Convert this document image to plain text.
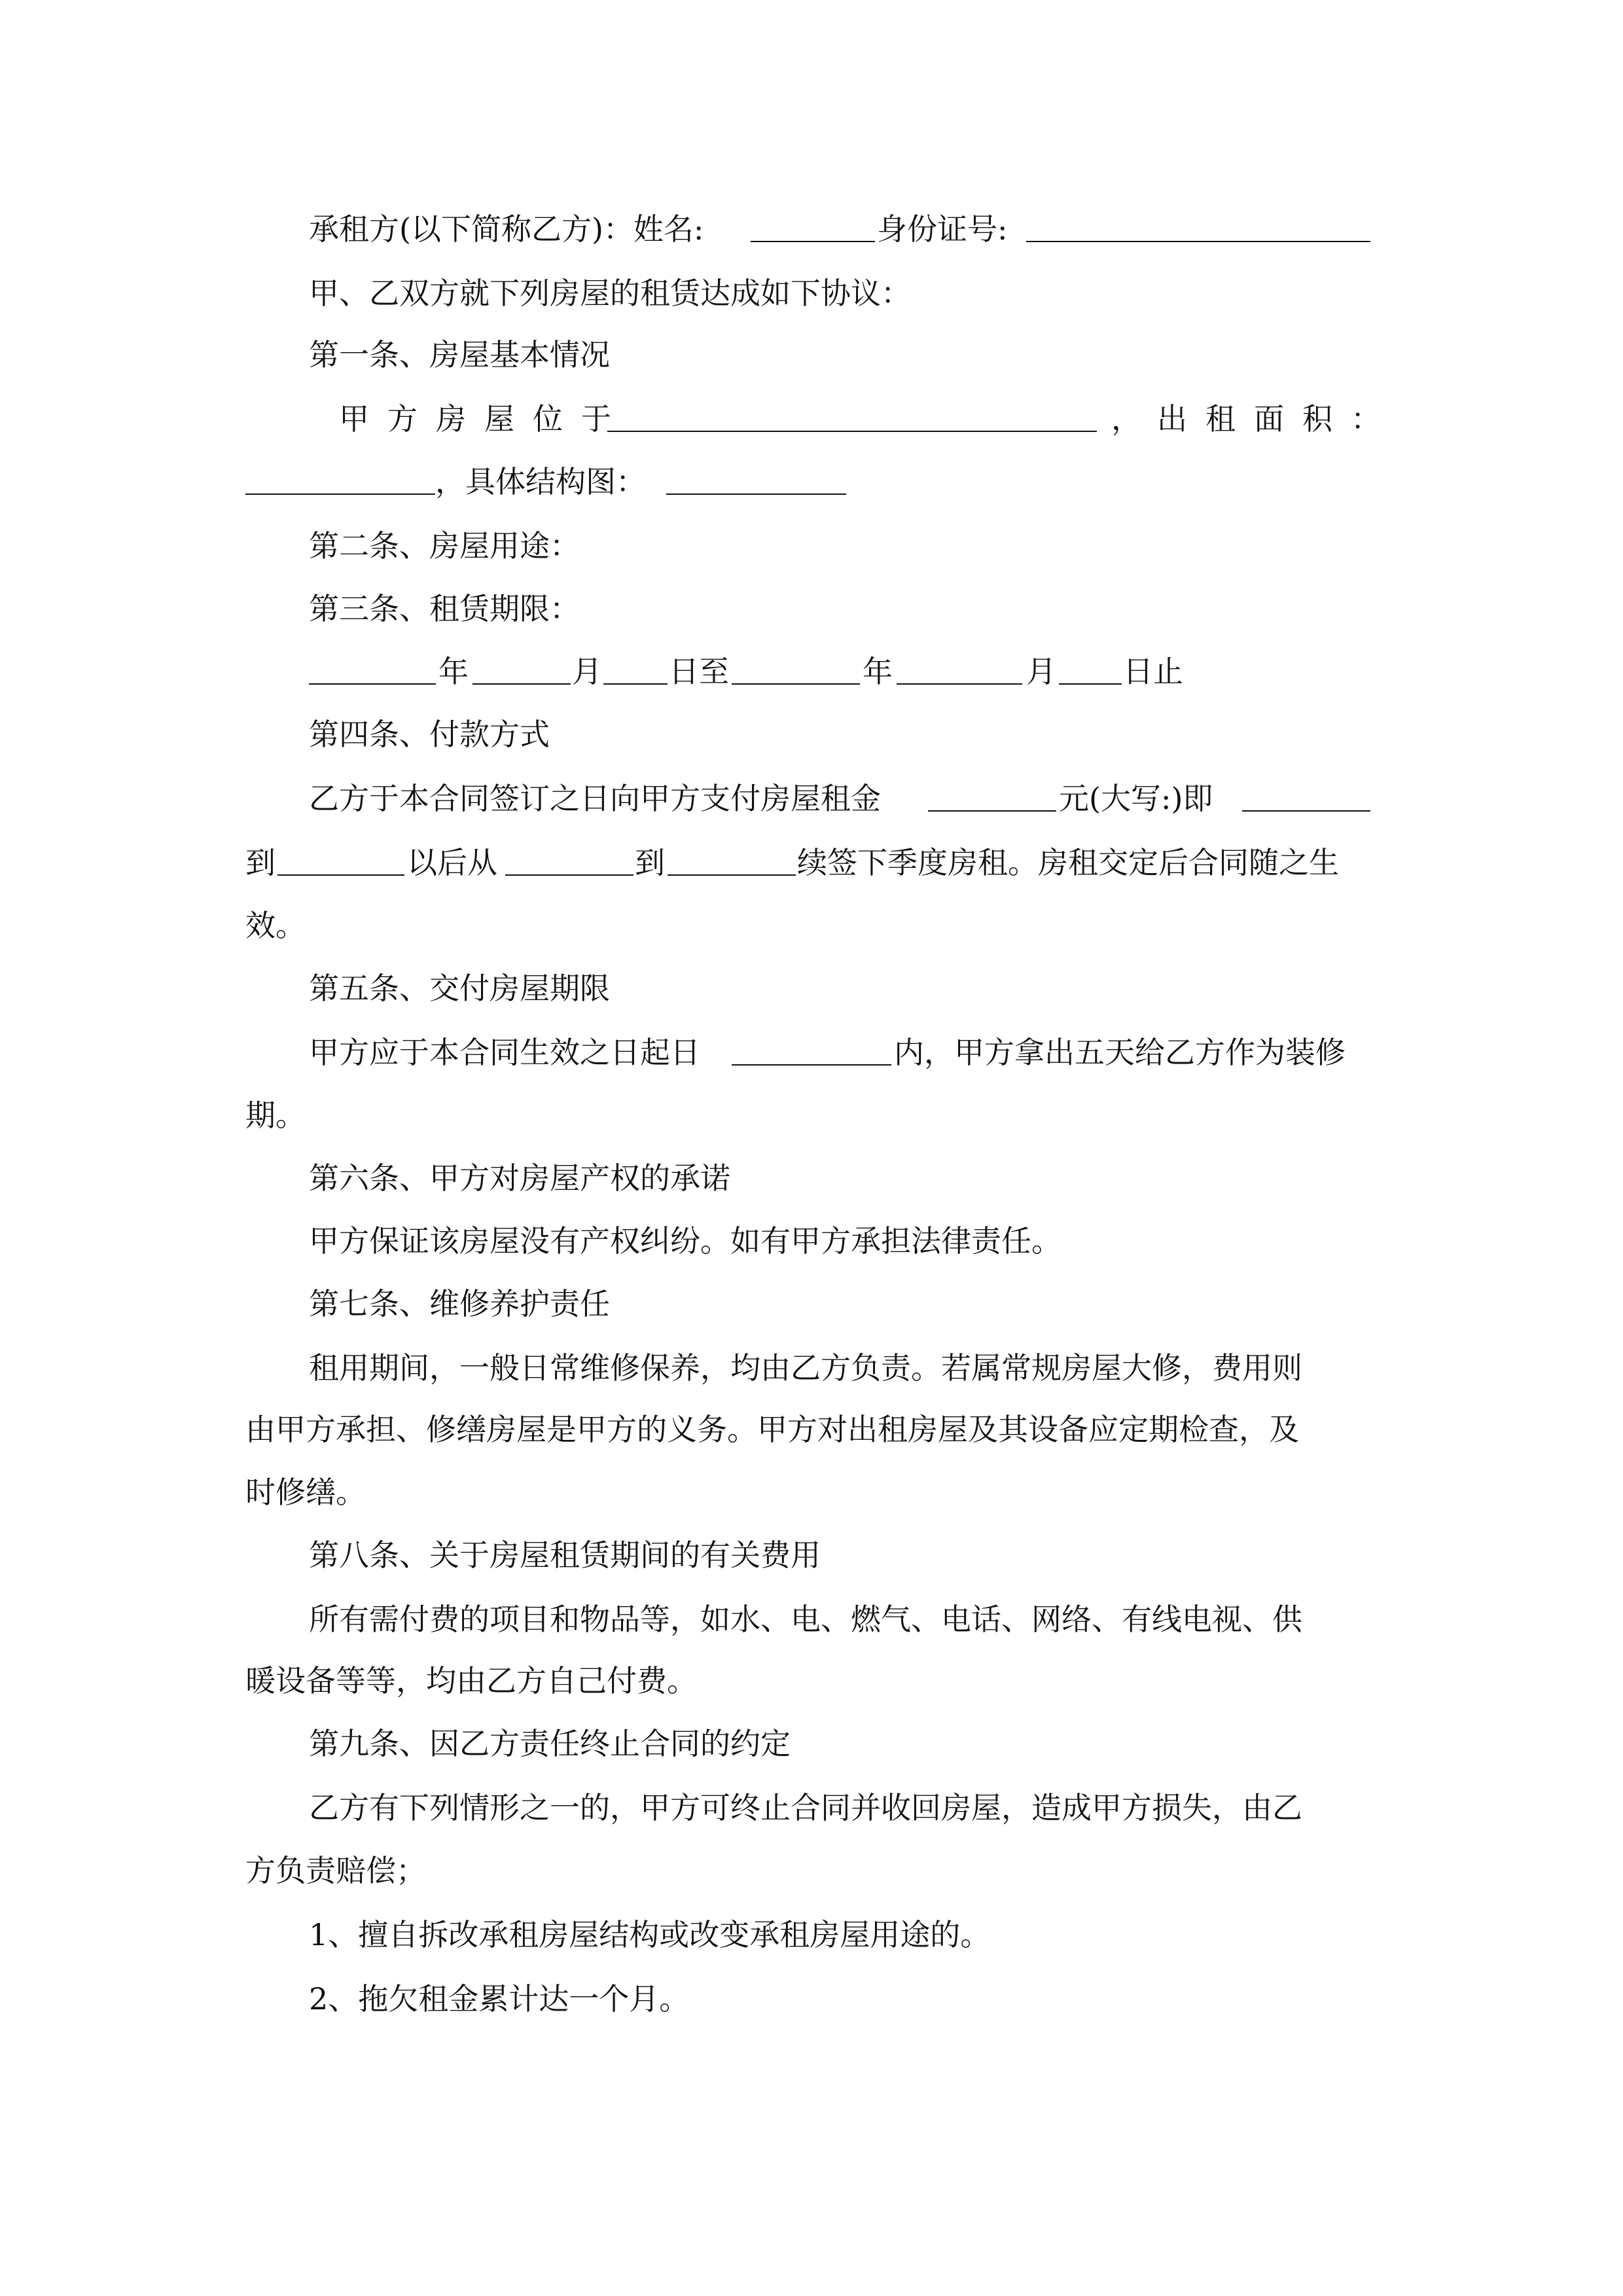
承租方(以下简称乙方)：姓名:	身份证号:
甲、乙双方就下列房屋的租赁达成如下协议：
第一条、房屋基本情况
甲方房屋位于	， 出租面积：
，具体结构图：
第二条、房屋用途：
第三条、租赁期限：
年	月 日至	年	月 日止
第四条、付款方式
乙方于本合同签订之日向甲方支付房屋租金	元(大写:)即
到	以后从	到	续签下季度房租。房租交定后合同随之生
效。
第五条、交付房屋期限
甲方应于本合同生效之日起日	内，甲方拿出五天给乙方作为装修
期。
第六条、甲方对房屋产权的承诺
甲方保证该房屋没有产权纠纷。如有甲方承担法律责任。
第七条、维修养护责任
租用期间，一般日常维修保养，均由乙方负责。若属常规房屋大修，费用则
由甲方承担、修缮房屋是甲方的义务。甲方对出租房屋及其设备应定期检查，及
时修缮。
第八条、关于房屋租赁期间的有关费用
所有需付费的项目和物品等，如水、电、燃气、电话、网络、有线电视、供
暖设备等等，均由乙方自己付费。
第九条、因乙方责任终止合同的约定
乙方有下列情形之一的，甲方可终止合同并收回房屋，造成甲方损失，由乙
方负责赔偿；
1、擅自拆改承租房屋结构或改变承租房屋用途的。
2、拖欠租金累计达一个月。
